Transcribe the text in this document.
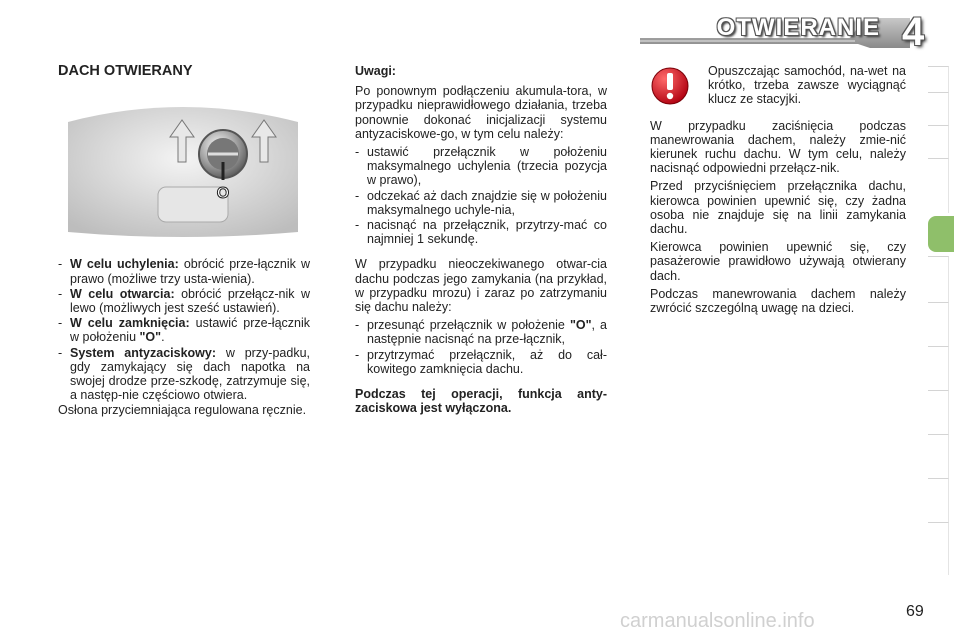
OTWIERANIE 4
DACH OTWIERANY
O
- W celu uchylenia: obrócić prze-łącznik w prawo (możliwe trzy usta-wienia).
- W celu otwarcia: obrócić przełącz-nik w lewo (możliwych jest sześć ustawień).
- W celu zamknięcia: ustawić prze-łącznik w położeniu "O".
- System antyzaciskowy: w przy-padku, gdy zamykający się dach napotka na swojej drodze prze-szkodę, zatrzymuje się, a następ-nie częściowo otwiera.

Osłona przyciemniająca regulowana ręcznie.

Uwagi:

Po ponownym podłączeniu akumula-tora, w przypadku nieprawidłowego działania, trzeba ponownie dokonać inicjalizacji systemu antyzaciskowe-go, w tym celu należy:

- ustawić przełącznik w położeniu maksymalnego uchylenia (trzecia pozycja w prawo),
- odczekać aż dach znajdzie się w położeniu maksymalnego uchyle-nia,
- nacisnąć na przełącznik, przytrzy-mać co najmniej 1 sekundę.

W przypadku nieoczekiwanego otwar-cia dachu podczas jego zamykania (na przykład, w przypadku mrozu) i zaraz po zatrzymaniu się dachu należy:

- przesunąć przełącznik w położenie "O", a następnie nacisnąć na prze-łącznik,
- przytrzymać przełącznik, aż do cał-kowitego zamknięcia dachu.

Podczas tej operacji, funkcja anty-zaciskowa jest wyłączona.

Opuszczając samochód, na-wet na krótko, trzeba zawsze wyciągnąć klucz ze stacyjki.

W przypadku zaciśnięcia podczas manewrowania dachem, należy zmie-nić kierunek ruchu dachu. W tym celu, należy nacisnąć odpowiedni przełącz-nik.

Przed przyciśnięciem przełącznika dachu, kierowca powinien upewnić się, czy żadna osoba nie znajduje się na linii zamykania dachu.

Kierowca powinien upewnić się, czy pasażerowie prawidłowo używają otwierany dach.

Podczas manewrowania dachem należy zwrócić szczególną uwagę na dzieci.

69
carmanualsonline.info
